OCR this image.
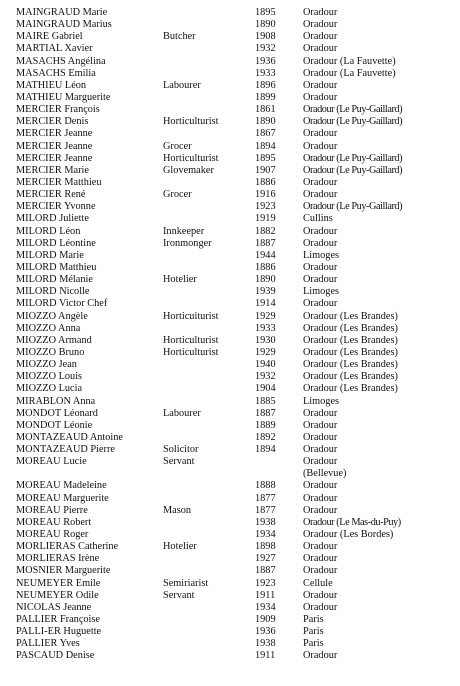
MAINGRAUD Marie	1895	Oradour
MAINGRAUD Marius	1890	Oradour
MAIRE Gabriel	Butcher	1908	Oradour
MARTIAL Xavier	1932	Oradour
MASACHS Angélina	1936	Oradour (La Fauvette)
MASACHS Emilia	1933	Oradour (La Fauvette)
MATHIEU Léon	Labourer	1896	Oradour
MATHIEU Marguerite	1899	Oradour
MERCIER François	1861	Oradour (Le Puy-Gaillard)
MERCIER Denis	Horticulturist	1890	Oradour (Le Puy-Gaillard)
MERCIER Jeanne	1867	Oradour
MERCIER Jeanne	Grocer	1894	Oradour
MERCIER Jeanne	Horticulturist	1895	Oradour (Le Puy-Gaillard)
MERCIER Marie	Glovemaker	1907	Oradour (Le Puy-Gaillard)
MERCIER Matthieu	1886	Oradour
MERCIER René	Grocer	1916	Oradour
MERCIER Yvonne	1923	Oradour (Le Puy-Gaillard)
MILORD Juliette	1919	Cullins
MILORD Léon	Innkeeper	1882	Oradour
MILORD Léontine	Ironmonger	1887	Oradour
MILORD Marie	1944	Limoges
MILORD Matthieu	1886	Oradour
MILORD Mélanie	Hotelier	1890	Oradour
MILORD Nicolle	1939	Limoges
MILORD Victor Chef	1914	Oradour
MIOZZO Angèle	Horticuiturist	1929	Oradour (Les Brandes)
MIOZZO Anna	1933	Oradour (Les Brandes)
MIOZZO Armand	Horticulturist	1930	Oradour (Les Brandes)
MIOZZO Bruno	Horticulturist	1929	Oradour (Les Brandes)
MIOZZO Jean	1940	Oradour (Les Brandes)
MIOZZO Louis	1932	Oradour (Les Brandes)
MIOZZO Lucia	1904	Oradour (Les Brandes)
MIRABLON Anna	1885	Limoges
MONDOT Léonard	Labourer	1887	Oradour
MONDOT Léonie	1889	Oradour
MONTAZEAUD Antoine	1892	Oradour
MONTAZEAUD Pierre	Solicitor	1894	Oradour
MOREAU Lucie	Servant	Oradour
(Bellevue)
MOREAU Madeleine	1888	Oradour
MOREAU Marguerite	1877	Oradour
MOREAU Pierre	Mason	1877	Oradour
MOREAU Robert	1938	Oradour (Le Mas-du-Puy)
MOREAU Roger	1934	Oradour (Les Bordes)
MORLIERAS Catherine	Hotelier	1898	Oradour
MORLIERAS Irène	1927	Oradour
MOSNIER Marguerite	1887	Oradour
NEUMEYER Emile	Semiriarist	1923	Cellule
NEUMEYER Odile	Servant	1911	Oradour
NICOLAS Jeanne	1934	Oradour
PALLIER Françoise	1909	Paris
PALLI-ER Huguette	1936	Paris
PALLIER Yves	1938	Paris
PASCAUD Denise	1911	Oradour
